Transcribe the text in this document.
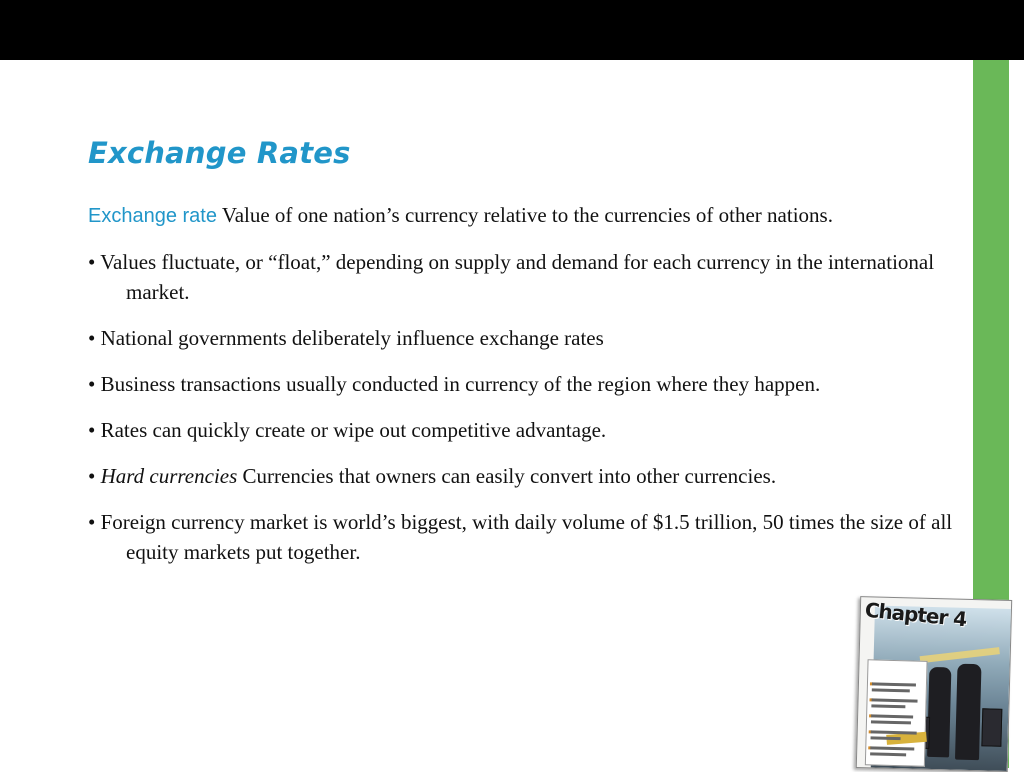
Exchange Rates

Exchange rate Value of one nation’s currency relative to the currencies of other nations.

• Values fluctuate, or “float,” depending on supply and demand for each currency in the international market.

• National governments deliberately influence exchange rates

• Business transactions usually conducted in currency of the region where they happen.

• Rates can quickly create or wipe out competitive advantage.

• Hard currencies Currencies that owners can easily convert into other currencies.

• Foreign currency market is world’s biggest, with daily volume of $1.5 trillion, 50 times the size of all equity markets put together.

Chapter 4
